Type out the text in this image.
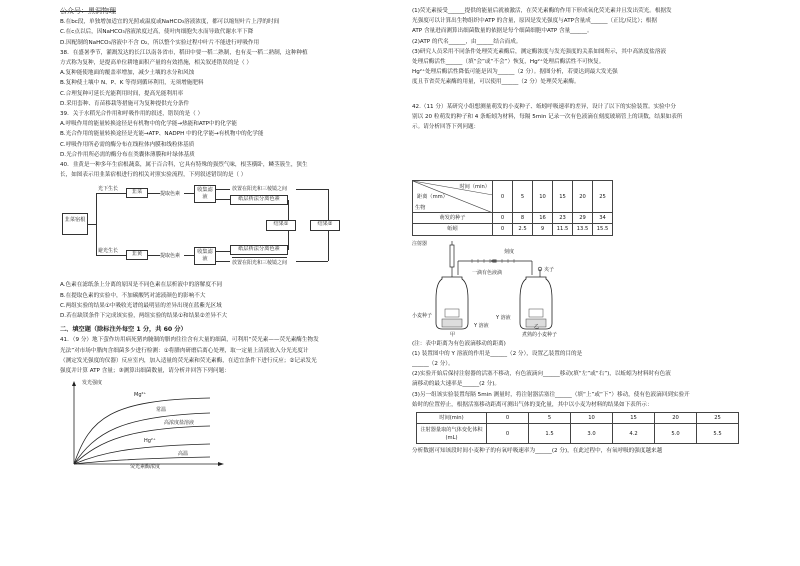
公众号：黑洞物理
B.在bc段，单独增加适宜的光照或温度或NaHCO₃溶液浓度，都可以缩短叶片上浮的时间
C.在c点以后，因NaHCO₃溶液浓度过高，使叶肉细胞失水而导致代谢水平下降
D.因配制的NaHCO₃溶液中不含 O₂，所以整个实验过程中叶片不能进行呼吸作用
38．在盛暑季节，灌溉发达的长江以南各省市，稻田中要一稻二熟制，也有麦一稻二熟制，这种种植
方式称为复种，是提高单位耕地面积产量的有效措施，相关叙述错误的是（ ）
A.复种能使地面的覆盖率增加，减少土壤的水分和风蚀
B.复种使土壤中 N、P、K 等得到循环利用，无须增施肥料
C.合理复种可延长光能利用时间，提高光能利用率
D.采用套种、育苗移栽等措施可为复种提供充分条件
39．关于水稻光合作用和呼吸作用的叙述，错误的是（ ）
A.呼吸作用的能量转换途径是有机物中的化学能→热能和ATP中的化学能
B.光合作用的能量转换途径是光能→ATP、NADPH 中的化学能→有机物中的化学能
C.呼吸作用所必需的酶分布在线粒体内膜和线粒体基质
D.光合作用所必需的酶分布在类囊体薄膜和叶绿体基质
40．韭黄是一种多年生宿根蔬菜，属于百合科，它具有特殊的强烈气味，根茎横卧，鳞茎簇生，狭生
长，如图表示用韭菜宿根进行的相关对照实验流程，下列叙述错误的是（ ）
韭菜宿根
光下生长
避光生长
韭菜
韭黄
提取色素
提取色素
收集滤液
收集滤液
放置在阳光和三棱镜之间
纸层析法分离色素
纸层析法分离色素
放置在阳光和三棱镜之间
结果①	结果②
A.色素在滤纸条上分离的原因是不同色素在层析液中的溶解度不同
B.在提取色素的实验中，不加碳酸钙对滤液颜色的影响不大
C.两组实验的结果①中吸收光谱的最明显的差异出现在蓝紫光区域
D.若在缺镁条件下完成该实验，两组实验的结果①和结果②差异不大
二、填空题（除标注外每空 1 分，共 60 分）
41．（9 分）地下萤作坊用病死猪肉腌制的腊肉往往含有大量的细菌，可利用“荧光素——荧光素酶生物发
光法”对市场中腊肉含细菌多少进行检测：①将腊肉研磨后离心处理，取一定量上清液放入分光光度计
（测定发光强度的仪器）反应室内，加入适量的荧光素和荧光素酶，在适宜条件下进行反应；②记录发光
强度并计算 ATP 含量；③测算出细菌数量，请分析并回答下列问题：
发光强度
Mg²⁺
常温
高浓度盐溶液
Hg²⁺
高温
荧光素酶浓度
(1)荧光素接受______提供的能量后就被激活，在荧光素酶的作用下形成氧化荧光素并且发出荧光。根据发
光强度可以计算出生物组织中ATP 的含量，原因是发光强度与ATP含量成______（正比/反比）；根据
ATP 含量进而测算出细菌数量的依据是每个细菌细胞中ATP 含量______。
(2)ATP 的代名______，由______结合而成。
(3)研究人员采用不同条件处理荧光素酶后，测定酶浓度与发光强度的关系如图所示，其中高浓度盐溶液
处理后酶活性______（填“会”或“不会”）恢复，Hg²⁺处理后酶活性不可恢复。
Hg²⁺处理后酶活性降低可能是因为______（2 分）。据图分析，若要达到最大发光强
度且节省荧光素酶的用量，可以使用______（2 分）处理荧光素酶。
42.（11 分）某研究小组想测量萌发的小麦种子、蚯蚓呼吸速率的差异，设计了以下的实验装置。实验中分
别以 20 粒萌发的种子和 4 条蚯蚓为材料，每隔 5min 记录一次有色液滴在刻度玻璃管上的读数，结果如表所
示。请分析回答下列问题：
时间（min）
距离（mm）
生物	0	5	10	15	20	25
萌发的种子	0	8	16	23	29	34
蚯蚓	0	2.5	9	11.5	13.5	15.5
注射器
刻度
一滴有色液滴	夹子
小麦种子
Y 溶液
Y 溶液
煮熟的小麦种子
甲
乙
(注：表中距离为有色液滴移动的距离)
(1) 装置图中的 Y 溶液的作用是______（2 分），设置乙装置的目的是
______（2 分）。
(2)实验开始后保持注射器的活塞不移动，有色液滴向______移动(填“左”或“右”)，以蚯蚓为材料时有色液
滴移动的最大速率是______(2 分)。
(3)另一组该实验装置每隔 5min 测量时，将注射器活塞往______（填“上”或“下”）移动，使有色液滴回到实验开
始时的位置停止，根据活塞移动距离可测出气体的变化量，其中以小麦为材料的结果如下表所示：
时间(min)	0	5	10	15	20	25
注射器量取的气体变化体积(mL)	0	1.5	3.0	4.2	5.0	5.5
分析数据可知该段时间小麦种子的有氧呼吸速率为______(2 分)，在此过程中，有氧呼吸的强度越来越
